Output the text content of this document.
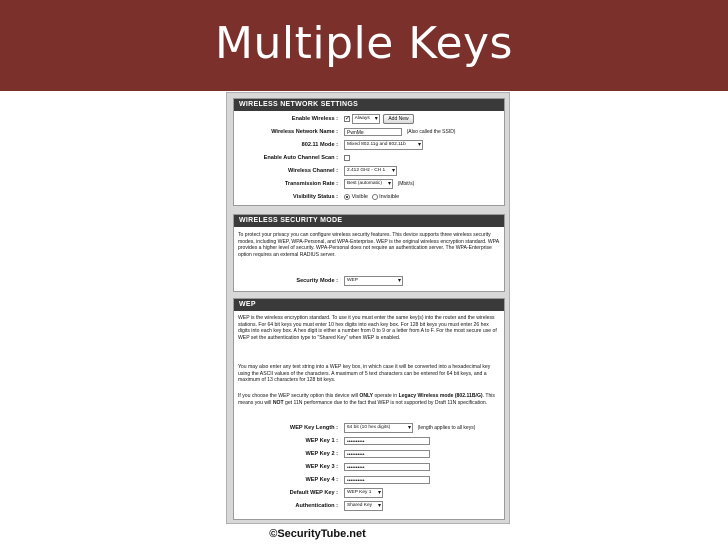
Multiple Keys
WIRELESS NETWORK SETTINGS
Enable Wireless :
✓	Always ▾	Add New
Wireless Network Name :	PwnMe	(Also called the SSID)
802.11 Mode :	Mixed 802.11g and 802.11b ▾
Enable Auto Channel Scan :
Wireless Channel :	2.412 GHz - CH 1 ▾
Transmission Rate :	Best (automatic) ▾	(Mbit/s)
Visibility Status :	Visible Invisible
WIRELESS SECURITY MODE
To protect your privacy you can configure wireless security features. This device supports three wireless security modes, including WEP, WPA-Personal, and WPA-Enterprise. WEP is the original wireless encryption standard. WPA provides a higher level of security. WPA-Personal does not require an authentication server. The WPA-Enterprise option requires an external RADIUS server.
Security Mode :	WEP ▾
WEP
WEP is the wireless encryption standard. To use it you must enter the same key(s) into the router and the wireless stations. For 64 bit keys you must enter 10 hex digits into each key box. For 128 bit keys you must enter 26 hex digits into each key box. A hex digit is either a number from 0 to 9 or a letter from A to F. For the most secure use of WEP set the authentication type to "Shared Key" when WEP is enabled.
You may also enter any text string into a WEP key box, in which case it will be converted into a hexadecimal key using the ASCII values of the characters. A maximum of 5 text characters can be entered for 64 bit keys, and a maximum of 13 characters for 128 bit keys.
If you choose the WEP security option this device will ONLY operate in Legacy Wireless mode (802.11B/G). This means you will NOT get 11N performance due to the fact that WEP is not supported by Draft 11N specification.
WEP Key Length :	64 bit (10 hex digits) ▾	(length applies to all keys)
WEP Key 1 :	••••••••••
WEP Key 2 :	••••••••••
WEP Key 3 :	••••••••••
WEP Key 4 :	••••••••••
Default WEP Key :	WEP Key 1 ▾
Authentication :	Shared Key ▾
©SecurityTube.net
